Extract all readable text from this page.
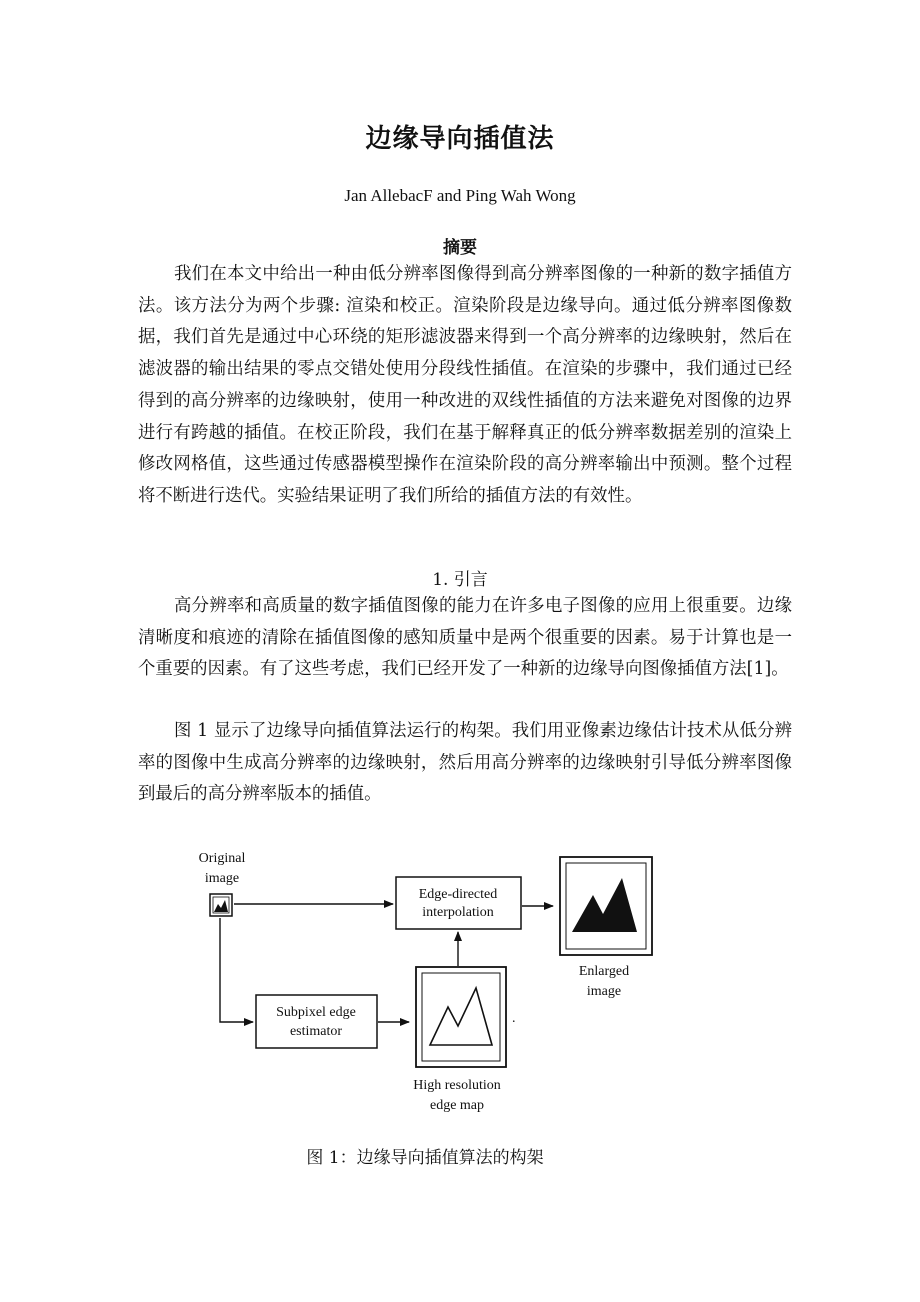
边缘导向插值法
Jan AllebacF and Ping Wah Wong
摘要

我们在本文中给出一种由低分辨率图像得到高分辨率图像的一种新的数字插值方法。该方法分为两个步骤: 渲染和校正。渲染阶段是边缘导向。通过低分辨率图像数据，我们首先是通过中心环绕的矩形滤波器来得到一个高分辨率的边缘映射，然后在滤波器的输出结果的零点交错处使用分段线性插值。在渲染的步骤中，我们通过已经得到的高分辨率的边缘映射，使用一种改进的双线性插值的方法来避免对图像的边界进行有跨越的插值。在校正阶段，我们在基于解释真正的低分辨率数据差别的渲染上修改网格值，这些通过传感器模型操作在渲染阶段的高分辨率输出中预测。整个过程将不断进行迭代。实验结果证明了我们所给的插值方法的有效性。

1. 引言

高分辨率和高质量的数字插值图像的能力在许多电子图像的应用上很重要。边缘清晰度和痕迹的清除在插值图像的感知质量中是两个很重要的因素。易于计算也是一个重要的因素。有了这些考虑，我们已经开发了一种新的边缘导向图像插值方法[1]。

图 1 显示了边缘导向插值算法运行的构架。我们用亚像素边缘估计技术从低分辨率的图像中生成高分辨率的边缘映射，然后用高分辨率的边缘映射引导低分辨率图像到最后的高分辨率版本的插值。

Original
image
Edge-directed
interpolation
Enlarged
image
Subpixel edge
estimator
.
High resolution
edge map
图 1：边缘导向插值算法的构架
